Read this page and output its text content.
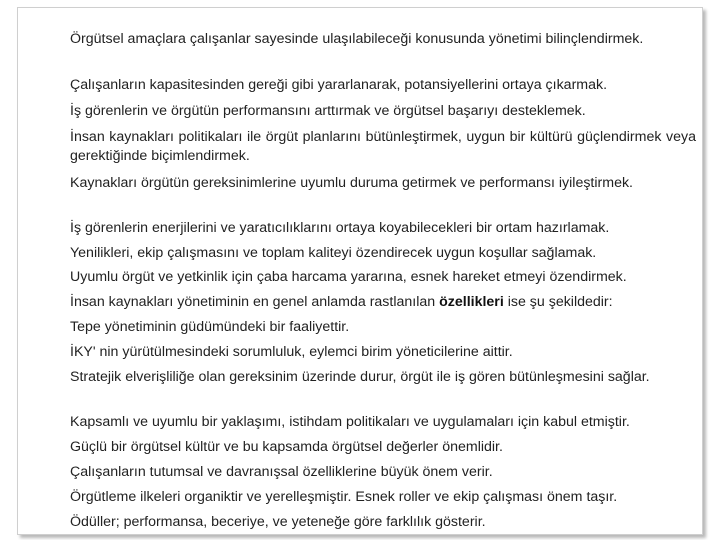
Örgütsel amaçlara çalışanlar sayesinde ulaşılabileceği konusunda yönetimi bilinçlendirmek.
Çalışanların kapasitesinden gereği gibi yararlanarak, potansiyellerini ortaya çıkarmak.
İş görenlerin ve örgütün performansını arttırmak ve örgütsel başarıyı desteklemek.
İnsan kaynakları politikaları ile örgüt planlarını bütünleştirmek, uygun bir kültürü güçlendirmek veya gerektiğinde biçimlendirmek.
Kaynakları örgütün gereksinimlerine uyumlu duruma getirmek ve performansı iyileştirmek.
İş görenlerin enerjilerini ve yaratıcılıklarını ortaya koyabilecekleri bir ortam hazırlamak.
Yenilikleri, ekip çalışmasını ve toplam kaliteyi özendirecek uygun koşullar sağlamak.
Uyumlu örgüt ve yetkinlik için çaba harcama yararına, esnek hareket etmeyi özendirmek.
İnsan kaynakları yönetiminin en genel anlamda rastlanılan özellikleri ise şu şekildedir:
Tepe yönetiminin güdümündeki bir faaliyettir.
İKY' nin yürütülmesindeki sorumluluk, eylemci birim yöneticilerine aittir.
Stratejik elverişliliğe olan gereksinim üzerinde durur, örgüt ile iş gören bütünleşmesini sağlar.
Kapsamlı ve uyumlu bir yaklaşımı, istihdam politikaları ve uygulamaları için kabul etmiştir.
Güçlü bir örgütsel kültür ve bu kapsamda örgütsel değerler önemlidir.
Çalışanların tutumsal ve davranışsal özelliklerine büyük önem verir.
Örgütleme ilkeleri organiktir ve yerelleşmiştir. Esnek roller ve ekip çalışması önem taşır.
Ödüller; performansa, beceriye, ve yeteneğe göre farklılık gösterir.
